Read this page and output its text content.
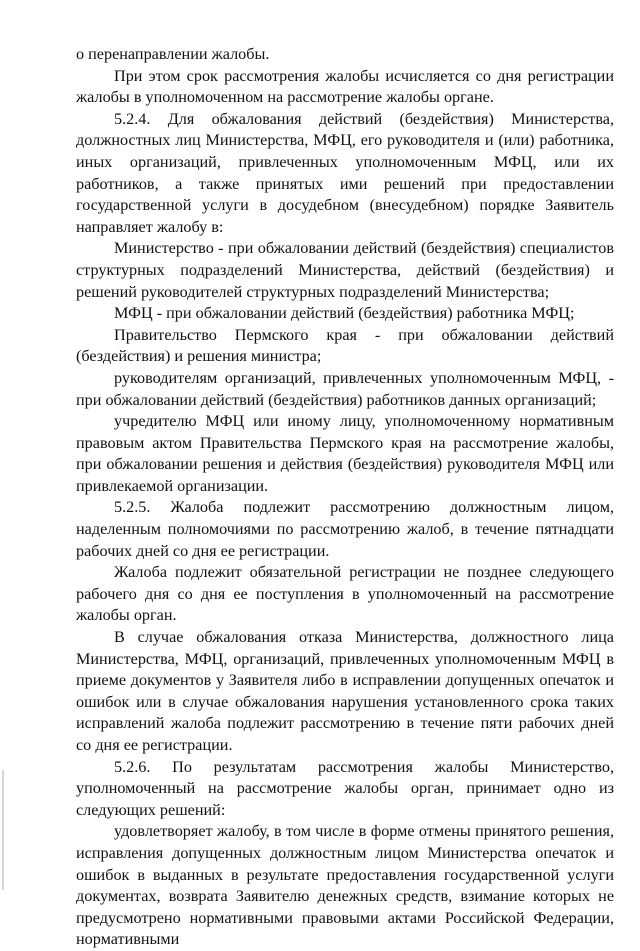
о перенаправлении жалобы.

При этом срок рассмотрения жалобы исчисляется со дня регистрации жалобы в уполномоченном на рассмотрение жалобы органе.

5.2.4. Для обжалования действий (бездействия) Министерства, должностных лиц Министерства, МФЦ, его руководителя и (или) работника, иных организаций, привлеченных уполномоченным МФЦ, или их работников, а также принятых ими решений при предоставлении государственной услуги в досудебном (внесудебном) порядке Заявитель направляет жалобу в:

Министерство - при обжаловании действий (бездействия) специалистов структурных подразделений Министерства, действий (бездействия) и решений руководителей структурных подразделений Министерства;

МФЦ - при обжаловании действий (бездействия) работника МФЦ;

Правительство Пермского края - при обжаловании действий (бездействия) и решения министра;

руководителям организаций, привлеченных уполномоченным МФЦ, - при обжаловании действий (бездействия) работников данных организаций;

учредителю МФЦ или иному лицу, уполномоченному нормативным правовым актом Правительства Пермского края на рассмотрение жалобы, при обжаловании решения и действия (бездействия) руководителя МФЦ или привлекаемой организации.

5.2.5. Жалоба подлежит рассмотрению должностным лицом, наделенным полномочиями по рассмотрению жалоб, в течение пятнадцати рабочих дней со дня ее регистрации.

Жалоба подлежит обязательной регистрации не позднее следующего рабочего дня со дня ее поступления в уполномоченный на рассмотрение жалобы орган.

В случае обжалования отказа Министерства, должностного лица Министерства, МФЦ, организаций, привлеченных уполномоченным МФЦ в приеме документов у Заявителя либо в исправлении допущенных опечаток и ошибок или в случае обжалования нарушения установленного срока таких исправлений жалоба подлежит рассмотрению в течение пяти рабочих дней со дня ее регистрации.

5.2.6. По результатам рассмотрения жалобы Министерство, уполномоченный на рассмотрение жалобы орган, принимает одно из следующих решений:

удовлетворяет жалобу, в том числе в форме отмены принятого решения, исправления допущенных должностным лицом Министерства опечаток и ошибок в выданных в результате предоставления государственной услуги документах, возврата Заявителю денежных средств, взимание которых не предусмотрено нормативными правовыми актами Российской Федерации, нормативными
